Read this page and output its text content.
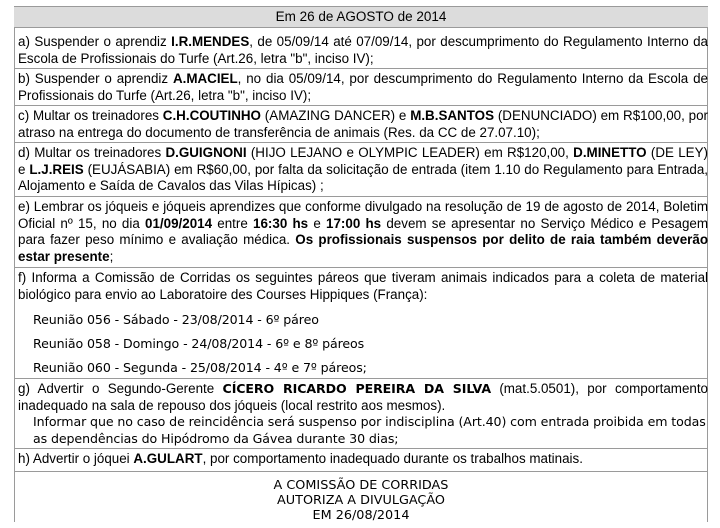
Em 26 de AGOSTO de 2014

a) Suspender o aprendiz I.R.MENDES, de 05/09/14 até 07/09/14, por descumprimento do Regulamento Interno da Escola de Profissionais do Turfe (Art.26, letra "b", inciso IV);

b) Suspender o aprendiz A.MACIEL, no dia 05/09/14, por descumprimento do Regulamento Interno da Escola de Profissionais do Turfe (Art.26, letra "b", inciso IV);

c) Multar os treinadores C.H.COUTINHO (AMAZING DANCER) e M.B.SANTOS (DENUNCIADO) em R$100,00, por atraso na entrega do documento de transferência de animais (Res. da CC de 27.07.10);

d) Multar os treinadores D.GUIGNONI (HIJO LEJANO e OLYMPIC LEADER) em R$120,00, D.MINETTO (DE LEY) e L.J.REIS (EUJÁSABIA) em R$60,00, por falta da solicitação de entrada (item 1.10 do Regulamento para Entrada, Alojamento e Saída de Cavalos das Vilas Hípicas) ;

e) Lembrar os jóqueis e jóqueis aprendizes que conforme divulgado na resolução de 19 de agosto de 2014, Boletim Oficial nº 15, no dia 01/09/2014 entre 16:30 hs e 17:00 hs devem se apresentar no Serviço Médico e Pesagem para fazer peso mínimo e avaliação médica. Os profissionais suspensos por delito de raia também deverão estar presente;

f) Informa a Comissão de Corridas os seguintes páreos que tiveram animais indicados para a coleta de material biológico para envio ao Laboratoire des Courses Hippiques (França):

Reunião 056 - Sábado - 23/08/2014 - 6º páreo
Reunião 058 - Domingo - 24/08/2014 - 6º e 8º páreos
Reunião 060 - Segunda - 25/08/2014 - 4º e 7º páreos;

g) Advertir o Segundo-Gerente CÍCERO RICARDO PEREIRA DA SILVA (mat.5.0501), por comportamento inadequado na sala de repouso dos jóqueis (local restrito aos mesmos).

Informar que no caso de reincidência será suspenso por indisciplina (Art.40) com entrada proibida em todas as dependências do Hipódromo da Gávea durante 30 dias;

h) Advertir o jóquei A.GULART, por comportamento inadequado durante os trabalhos matinais.

A COMISSÃO DE CORRIDAS
AUTORIZA A DIVULGAÇÃO
EM 26/08/2014
